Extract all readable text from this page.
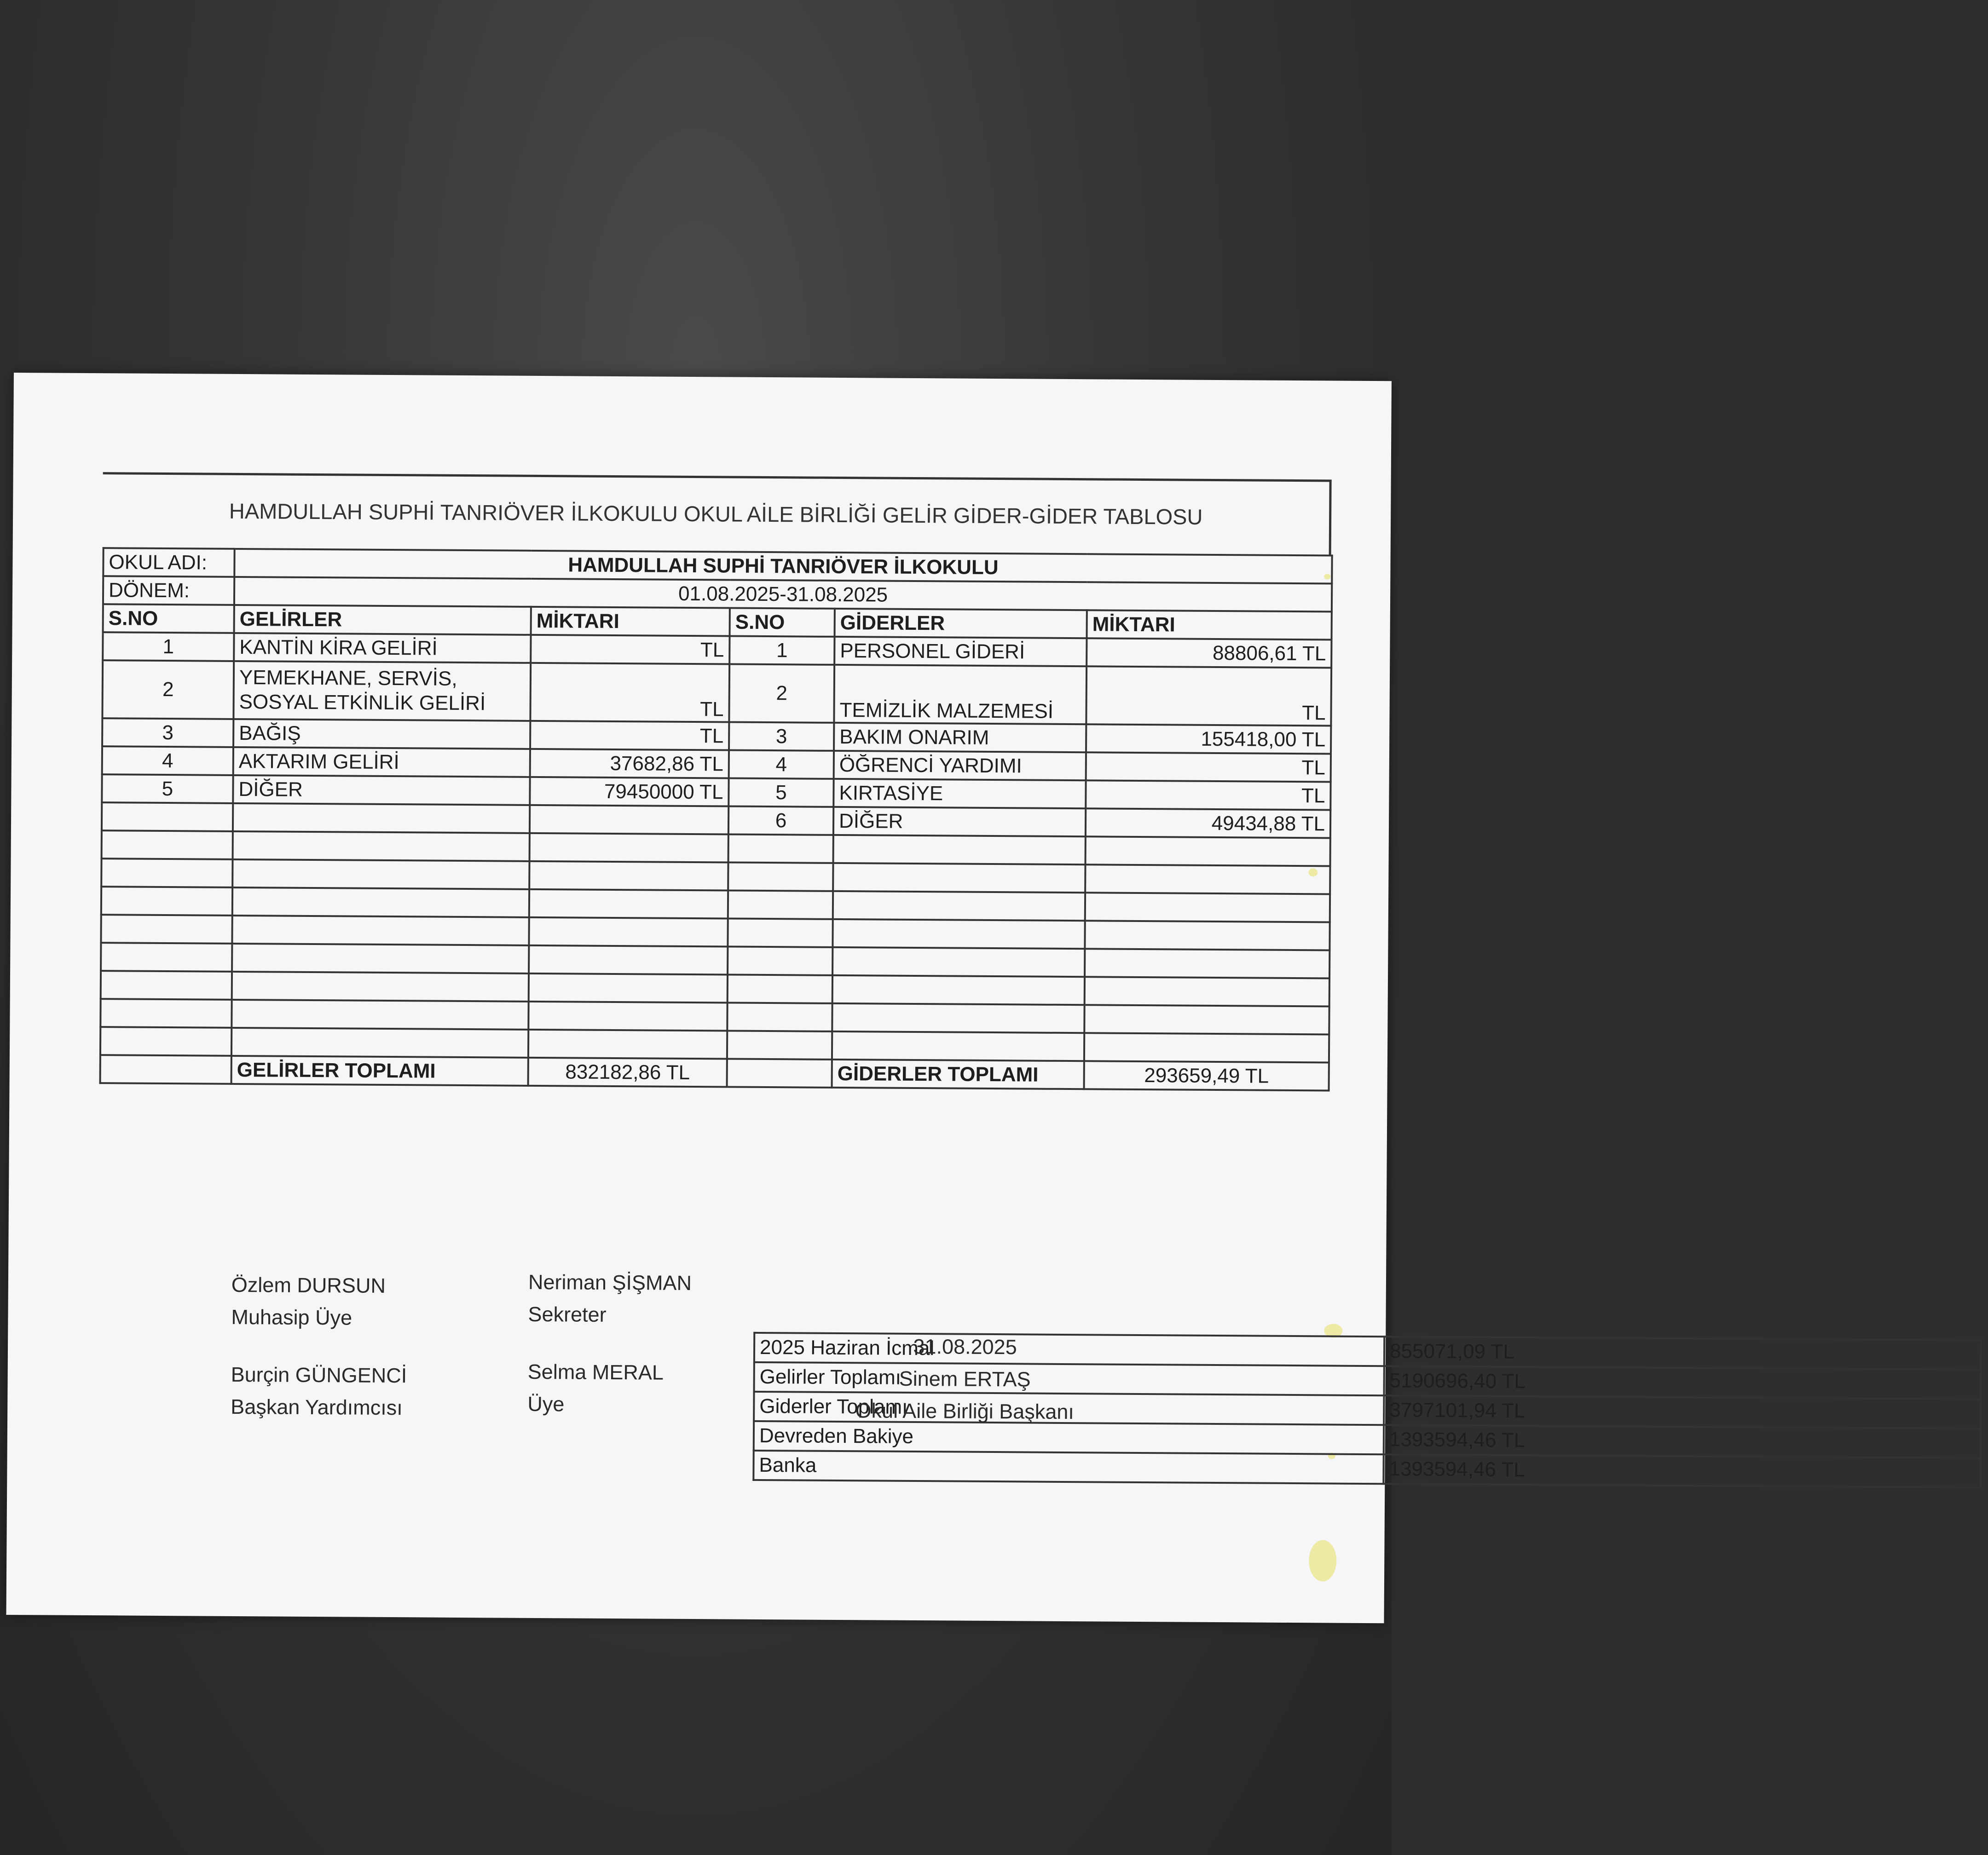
HAMDULLAH SUPHİ TANRIÖVER İLKOKULU OKUL AİLE BİRLİĞİ GELİR GİDER-GİDER TABLOSU
OKUL ADI:	HAMDULLAH SUPHİ TANRIÖVER İLKOKULU				
DÖNEM:	01.08.2025-31.08.2025				
S.NO	GELİRLER	MİKTARI	S.NO	GİDERLER	MİKTARI
1	KANTİN KİRA GELİRİ	TL	1	PERSONEL GİDERİ	88806,61 TL
2	YEMEKHANE, SERVİS, SOSYAL ETKİNLİK GELİRİ	TL	2	TEMİZLİK MALZEMESİ	TL
3	BAĞIŞ	TL	3	BAKIM ONARIM	155418,00 TL
4	AKTARIM GELİRİ	37682,86 TL	4	ÖĞRENCİ YARDIMI	TL
5	DİĞER	79450000 TL	5	KIRTASİYE	TL
			6	DİĞER	49434,88 TL

	GELİRLER TOPLAMI	832182,86 TL		GİDERLER TOPLAMI	293659,49 TL
2025 Haziran İcmal	855071,09 TL
Gelirler Toplamı	5190696,40 TL
Giderler Toplamı	3797101,94 TL
Devreden Bakiye	1393594,46 TL
Banka	1393594,46 TL
Özlem DURSUN
Muhasip Üye
Neriman ŞİŞMAN
Sekreter
Burçin GÜNGENCİ
Başkan Yardımcısı
Selma MERAL
Üye
31.08.2025
Sinem ERTAŞ
Okul Aile Birliği Başkanı
